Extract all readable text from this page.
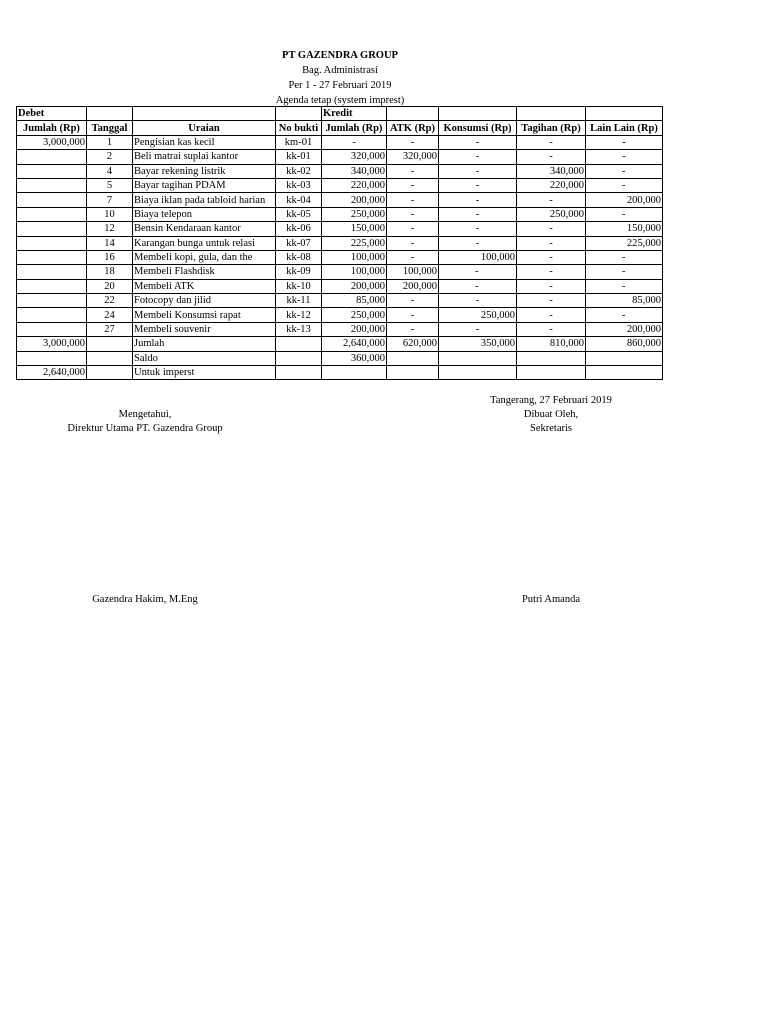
PT GAZENDRA GROUP
Bag. Administrasi
Per 1 - 27 Februari 2019
Agenda tetap (system imprest)
Debet				Kredit				
Jumlah (Rp)	Tanggal	Uraian	No bukti	Jumlah (Rp)	ATK (Rp)	Konsumsi (Rp)	Tagihan (Rp)	Lain Lain (Rp)
3,000,000	1	Pengisian kas kecil	km-01	-	-	-	-	-
	2	Beli matrai suplai kantor	kk-01	320,000	320,000	-	-	-
	4	Bayar rekening listrik	kk-02	340,000	-	-	340,000	-
	5	Bayar tagihan PDAM	kk-03	220,000	-	-	220,000	-
	7	Biaya iklan pada tabloid harian	kk-04	200,000	-	-	-	200,000
	10	Biaya telepon	kk-05	250,000	-	-	250,000	-
	12	Bensin Kendaraan kantor	kk-06	150,000	-	-	-	150,000
	14	Karangan bunga untuk relasi	kk-07	225,000	-	-	-	225,000
	16	Membeli kopi, gula, dan the	kk-08	100,000	-	100,000	-	-
	18	Membeli Flashdisk	kk-09	100,000	100,000	-	-	-
	20	Membeli ATK	kk-10	200,000	200,000	-	-	-
	22	Fotocopy dan jilid	kk-11	85,000	-	-	-	85,000
	24	Membeli Konsumsi rapat	kk-12	250,000	-	250,000	-	-
	27	Membeli souvenir	kk-13	200,000	-	-	-	200,000
3,000,000		Jumlah		2,640,000	620,000	350,000	810,000	860,000
		Saldo		360,000				
2,640,000		Untuk imperst						
Tangerang, 27 Februari 2019
Dibuat Oleh,
Sekretaris
Mengetahui,
Direktur Utama PT. Gazendra Group
Gazendra Hakim, M.Eng	Putri Amanda
